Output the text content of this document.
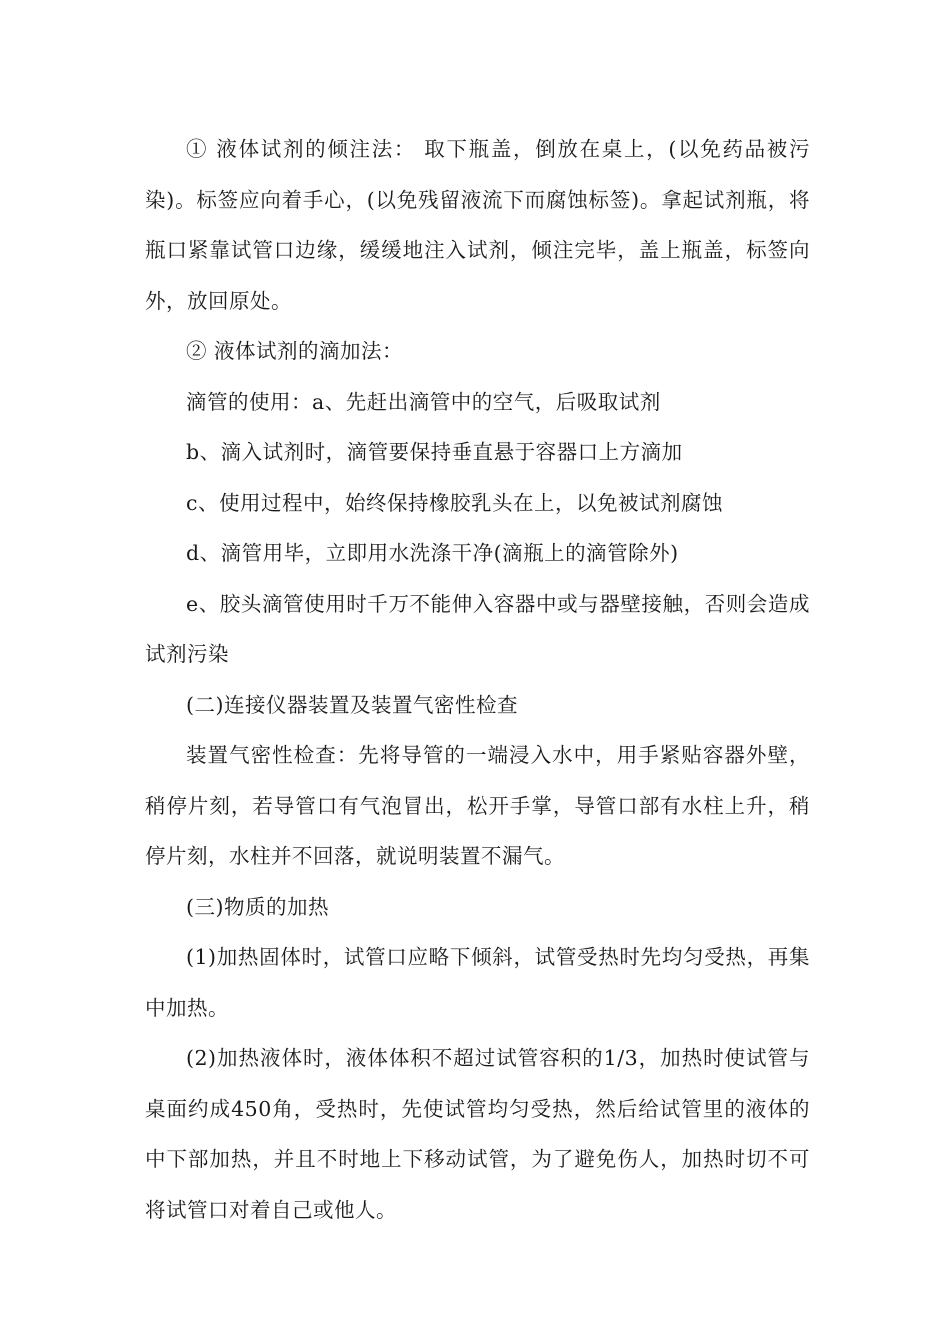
① 液体试剂的倾注法： 取下瓶盖，倒放在桌上，(以免药品被污染)。标签应向着手心，(以免残留液流下而腐蚀标签)。拿起试剂瓶，将瓶口紧靠试管口边缘，缓缓地注入试剂，倾注完毕，盖上瓶盖，标签向外，放回原处。

② 液体试剂的滴加法：

滴管的使用：a、先赶出滴管中的空气，后吸取试剂

b、滴入试剂时，滴管要保持垂直悬于容器口上方滴加

c、使用过程中，始终保持橡胶乳头在上，以免被试剂腐蚀

d、滴管用毕，立即用水洗涤干净(滴瓶上的滴管除外)

e、胶头滴管使用时千万不能伸入容器中或与器壁接触，否则会造成试剂污染

(二)连接仪器装置及装置气密性检查

装置气密性检查：先将导管的一端浸入水中，用手紧贴容器外壁，稍停片刻，若导管口有气泡冒出，松开手掌，导管口部有水柱上升，稍停片刻，水柱并不回落，就说明装置不漏气。

(三)物质的加热

(1)加热固体时，试管口应略下倾斜，试管受热时先均匀受热，再集中加热。

(2)加热液体时，液体体积不超过试管容积的1/3，加热时使试管与桌面约成450角，受热时，先使试管均匀受热，然后给试管里的液体的中下部加热，并且不时地上下移动试管，为了避免伤人，加热时切不可将试管口对着自己或他人。
